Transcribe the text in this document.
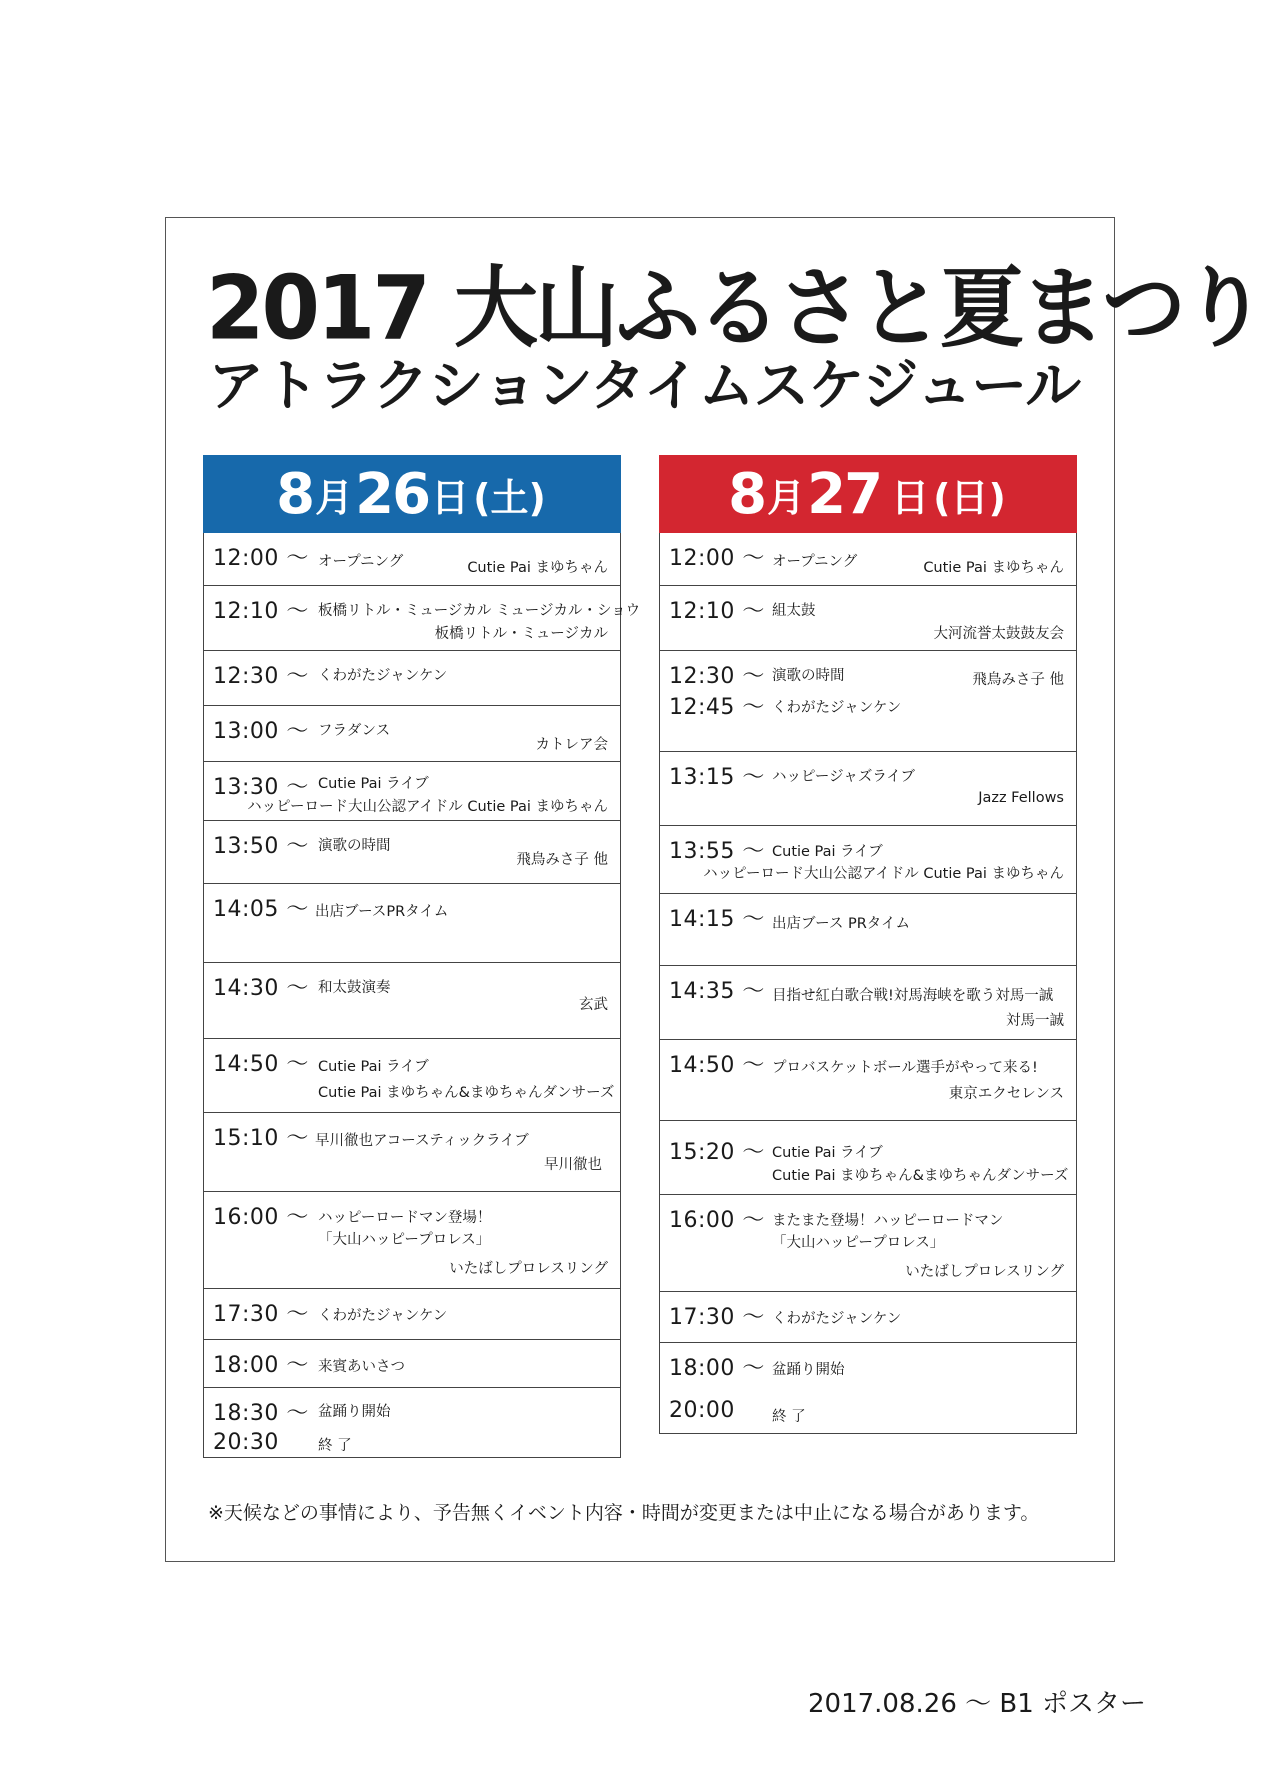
2017 大山ふるさと夏まつり
アトラクションタイムスケジュール
8 月 26 日 (土)
12:00 ～ オープニング	Cutie Pai まゆちゃん
12:10 ～ 板橋リトル・ミュージカル ミュージカル・ショウ
板橋リトル・ミュージカル
12:30 ～ くわがたジャンケン
13:00 ～ フラダンス
カトレア会
13:30 ～ Cutie Pai ライブ
ハッピーロード大山公認アイドル Cutie Pai まゆちゃん
13:50 ～ 演歌の時間
飛鳥みさ子 他
14:05 ～ 出店ブースPRタイム
14:30 ～ 和太鼓演奏
玄武
14:50 ～ Cutie Pai ライブ
Cutie Pai まゆちゃん&まゆちゃんダンサーズ
15:10 ～ 早川徹也アコースティックライブ
早川徹也
16:00 ～ ハッピーロードマン登場！
「大山ハッピープロレス」
いたばしプロレスリング
17:30 ～ くわがたジャンケン
18:00 ～ 来賓あいさつ
18:30 ～ 盆踊り開始
20:30	終 了
8 月 27 日 (日)
12:00 ～ オープニング	Cutie Pai まゆちゃん
12:10 ～ 組太鼓
大河流誉太鼓鼓友会
12:30 ～ 演歌の時間	飛鳥みさ子 他
12:45 ～ くわがたジャンケン
13:15 ～ ハッピージャズライブ
Jazz Fellows
13:55 ～ Cutie Pai ライブ
ハッピーロード大山公認アイドル Cutie Pai まゆちゃん
14:15 ～ 出店ブース PRタイム
14:35 ～ 目指せ紅白歌合戦!対馬海峡を歌う対馬一誠
対馬一誠
14:50 ～ プロバスケットボール選手がやって来る!
東京エクセレンス
15:20 ～ Cutie Pai ライブ
Cutie Pai まゆちゃん&まゆちゃんダンサーズ
16:00 ～ またまた登場！ハッピーロードマン
「大山ハッピープロレス」
いたばしプロレスリング
17:30 ～ くわがたジャンケン
18:00 ～ 盆踊り開始
20:00	終 了
※天候などの事情により、予告無くイベント内容・時間が変更または中止になる場合があります。
2017.08.26 ～ B1 ポスター
